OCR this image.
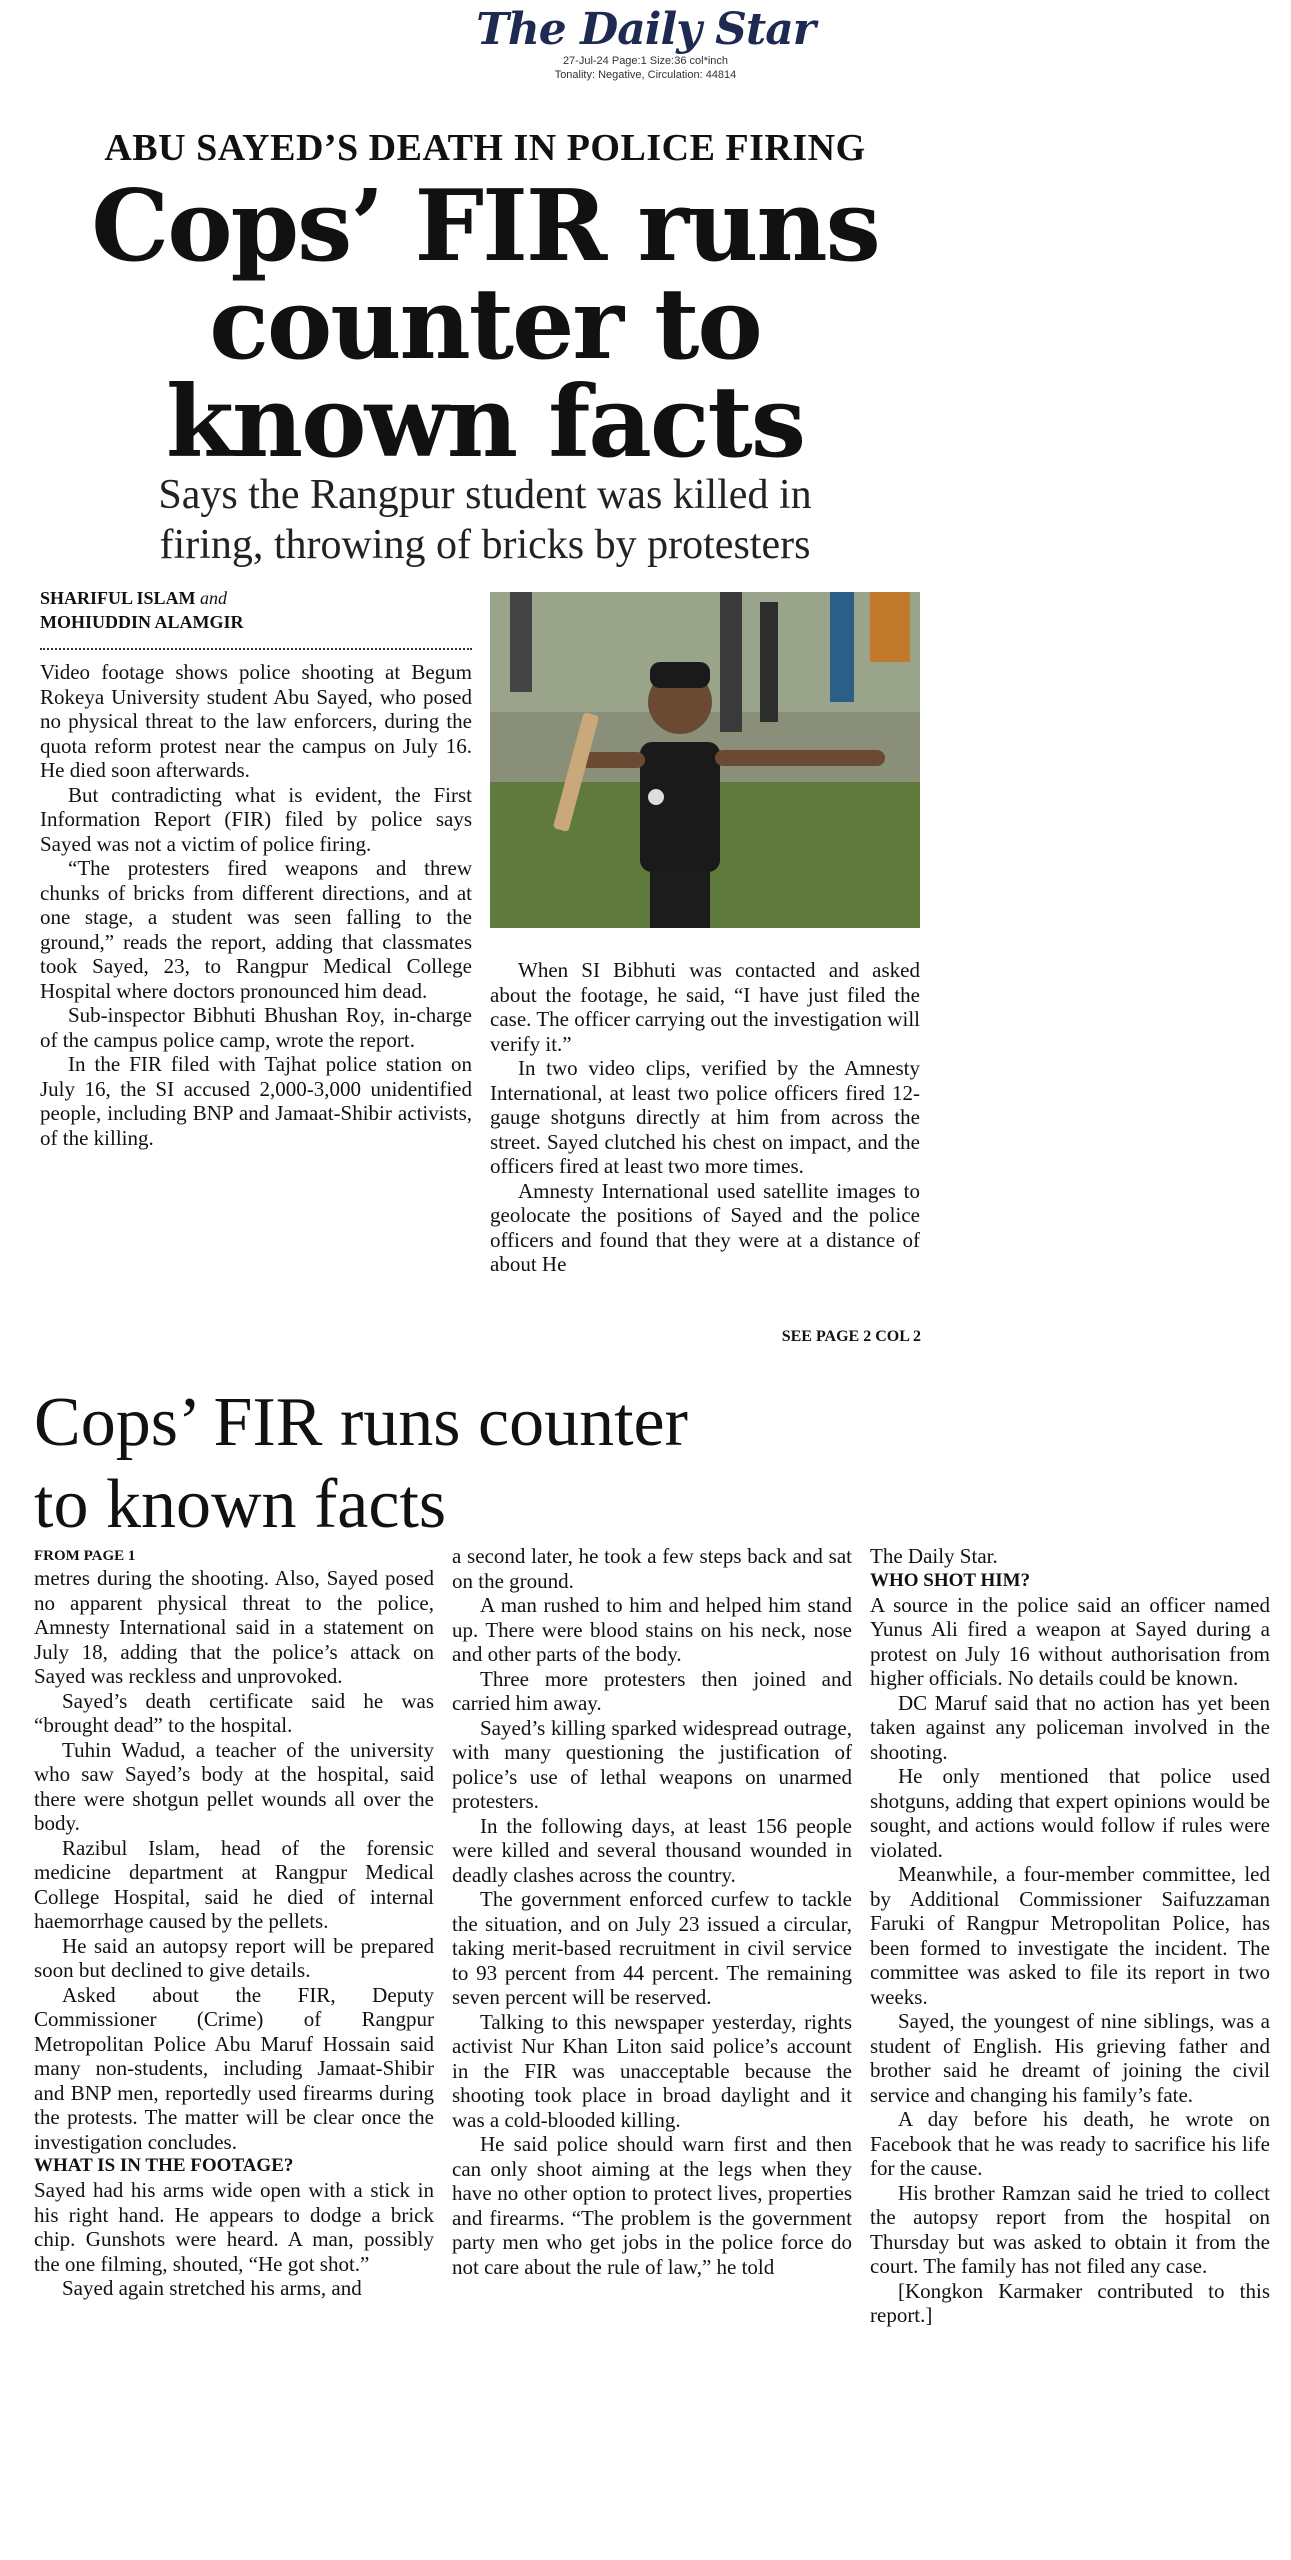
The Daily Star
27-Jul-24 Page:1 Size:36 col*inch
Tonality: Negative, Circulation: 44814
ABU SAYED’S DEATH IN POLICE FIRING
Cops’ FIR runs
counter to
known facts
Says the Rangpur student was killed in
firing, throwing of bricks by protesters
SHARIFUL ISLAM and
MOHIUDDIN ALAMGIR

Video footage shows police shooting at Begum Rokeya University student Abu Sayed, who posed no physical threat to the law enforcers, during the quota reform protest near the campus on July 16. He died soon afterwards.

But contradicting what is evident, the First Information Report (FIR) filed by police says Sayed was not a victim of police firing.

“The protesters fired weapons and threw chunks of bricks from different directions, and at one stage, a student was seen falling to the ground,” reads the report, adding that classmates took Sayed, 23, to Rangpur Medical College Hospital where doctors pronounced him dead.

Sub-inspector Bibhuti Bhushan Roy, in-charge of the campus police camp, wrote the report.

In the FIR filed with Tajhat police station on July 16, the SI accused 2,000-3,000 unidentified people, including BNP and Jamaat-Shibir activists, of the killing.

When SI Bibhuti was contacted and asked about the footage, he said, “I have just filed the case. The officer carrying out the investigation will verify it.”

In two video clips, verified by the Amnesty International, at least two police officers fired 12-gauge shotguns directly at him from across the street. Sayed clutched his chest on impact, and the officers fired at least two more times.

Amnesty International used satellite images to geolocate the positions of Sayed and the police officers and found that they were at a distance of about He

SEE PAGE 2 COL 2
Cops’ FIR runs counter
to known facts
FROM PAGE 1

metres during the shooting. Also, Sayed posed no apparent physical threat to the police, Amnesty International said in a statement on July 18, adding that the police’s attack on Sayed was reckless and unprovoked.

Sayed’s death certificate said he was “brought dead” to the hospital.

Tuhin Wadud, a teacher of the university who saw Sayed’s body at the hospital, said there were shotgun pellet wounds all over the body.

Razibul Islam, head of the forensic medicine department at Rangpur Medical College Hospital, said he died of internal haemorrhage caused by the pellets.

He said an autopsy report will be prepared soon but declined to give details.

Asked about the FIR, Deputy Commissioner (Crime) of Rangpur Metropolitan Police Abu Maruf Hossain said many non-students, including Jamaat-Shibir and BNP men, reportedly used firearms during the protests. The matter will be clear once the investigation concludes.

WHAT IS IN THE FOOTAGE?

Sayed had his arms wide open with a stick in his right hand. He appears to dodge a brick chip. Gunshots were heard. A man, possibly the one filming, shouted, “He got shot.”

Sayed again stretched his arms, and

a second later, he took a few steps back and sat on the ground.

A man rushed to him and helped him stand up. There were blood stains on his neck, nose and other parts of the body.

Three more protesters then joined and carried him away.

Sayed’s killing sparked widespread outrage, with many questioning the justification of police’s use of lethal weapons on unarmed protesters.

In the following days, at least 156 people were killed and several thousand wounded in deadly clashes across the country.

The government enforced curfew to tackle the situation, and on July 23 issued a circular, taking merit-based recruitment in civil service to 93 percent from 44 percent. The remaining seven percent will be reserved.

Talking to this newspaper yesterday, rights activist Nur Khan Liton said police’s account in the FIR was unacceptable because the shooting took place in broad daylight and it was a cold-blooded killing.

He said police should warn first and then can only shoot aiming at the legs when they have no other option to protect lives, properties and firearms. “The problem is the government party men who get jobs in the police force do not care about the rule of law,” he told

The Daily Star.

WHO SHOT HIM?

A source in the police said an officer named Yunus Ali fired a weapon at Sayed during a protest on July 16 without authorisation from higher officials. No details could be known.

DC Maruf said that no action has yet been taken against any policeman involved in the shooting.

He only mentioned that police used shotguns, adding that expert opinions would be sought, and actions would follow if rules were violated.

Meanwhile, a four-member committee, led by Additional Commissioner Saifuzzaman Faruki of Rangpur Metropolitan Police, has been formed to investigate the incident. The committee was asked to file its report in two weeks.

Sayed, the youngest of nine siblings, was a student of English. His grieving father and brother said he dreamt of joining the civil service and changing his family’s fate.

A day before his death, he wrote on Facebook that he was ready to sacrifice his life for the cause.

His brother Ramzan said he tried to collect the autopsy report from the hospital on Thursday but was asked to obtain it from the court. The family has not filed any case.

[Kongkon Karmaker contributed to this report.]
